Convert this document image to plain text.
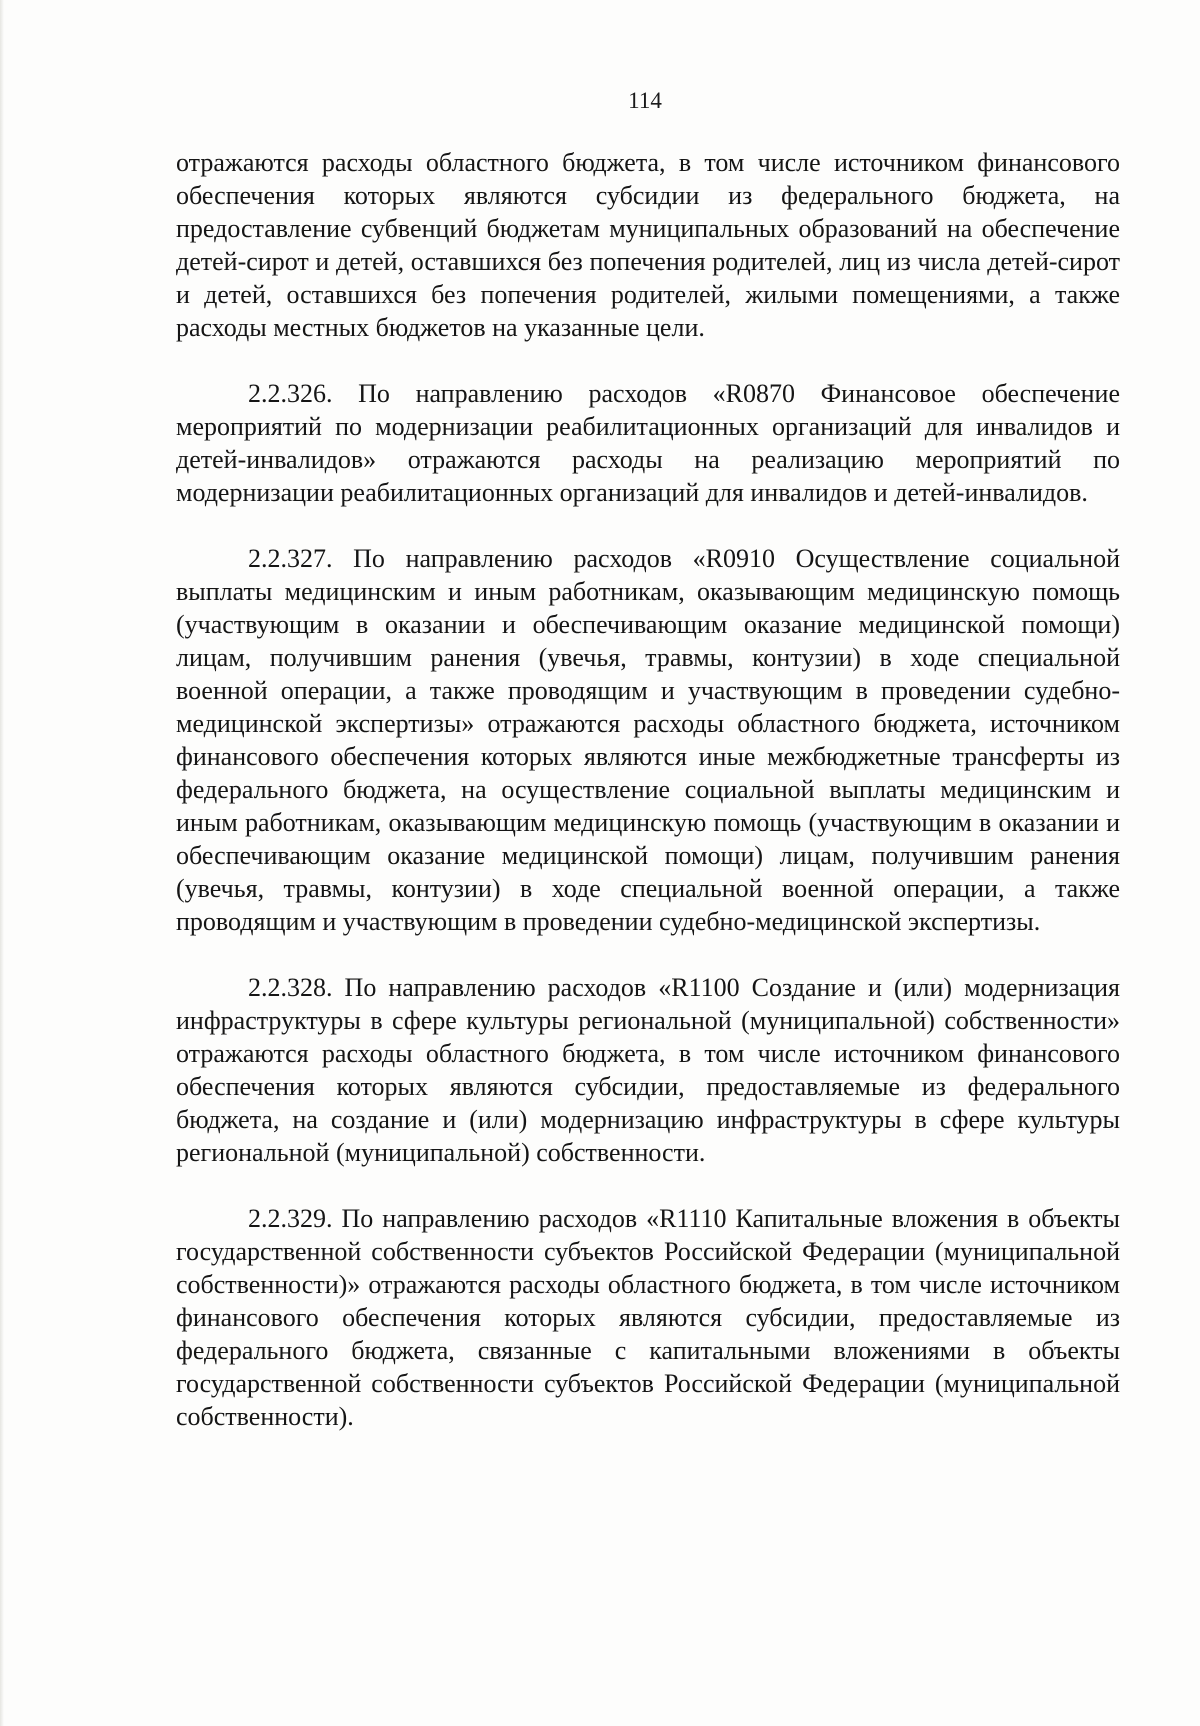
114

отражаются расходы областного бюджета, в том числе источником финансового обеспечения которых являются субсидии из федерального бюджета, на предоставление субвенций бюджетам муниципальных образований на обеспечение детей-сирот и детей, оставшихся без попечения родителей, лиц из числа детей-сирот и детей, оставшихся без попечения родителей, жилыми помещениями, а также расходы местных бюджетов на указанные цели.

2.2.326. По направлению расходов «R0870 Финансовое обеспечение мероприятий по модернизации реабилитационных организаций для инвалидов и детей-инвалидов» отражаются расходы на реализацию мероприятий по модернизации реабилитационных организаций для инвалидов и детей-инвалидов.

2.2.327. По направлению расходов «R0910 Осуществление социальной выплаты медицинским и иным работникам, оказывающим медицинскую помощь (участвующим в оказании и обеспечивающим оказание медицинской помощи) лицам, получившим ранения (увечья, травмы, контузии) в ходе специальной военной операции, а также проводящим и участвующим в проведении судебно-медицинской экспертизы» отражаются расходы областного бюджета, источником финансового обеспечения которых являются иные межбюджетные трансферты из федерального бюджета, на осуществление социальной выплаты медицинским и иным работникам, оказывающим медицинскую помощь (участвующим в оказании и обеспечивающим оказание медицинской помощи) лицам, получившим ранения (увечья, травмы, контузии) в ходе специальной военной операции, а также проводящим и участвующим в проведении судебно-медицинской экспертизы.

2.2.328. По направлению расходов «R1100 Создание и (или) модернизация инфраструктуры в сфере культуры региональной (муниципальной) собственности» отражаются расходы областного бюджета, в том числе источником финансового обеспечения которых являются субсидии, предоставляемые из федерального бюджета, на создание и (или) модернизацию инфраструктуры в сфере культуры региональной (муниципальной) собственности.

2.2.329. По направлению расходов «R1110 Капитальные вложения в объекты государственной собственности субъектов Российской Федерации (муниципальной собственности)» отражаются расходы областного бюджета, в том числе источником финансового обеспечения которых являются субсидии, предоставляемые из федерального бюджета, связанные с капитальными вложениями в объекты государственной собственности субъектов Российской Федерации (муниципальной собственности).
